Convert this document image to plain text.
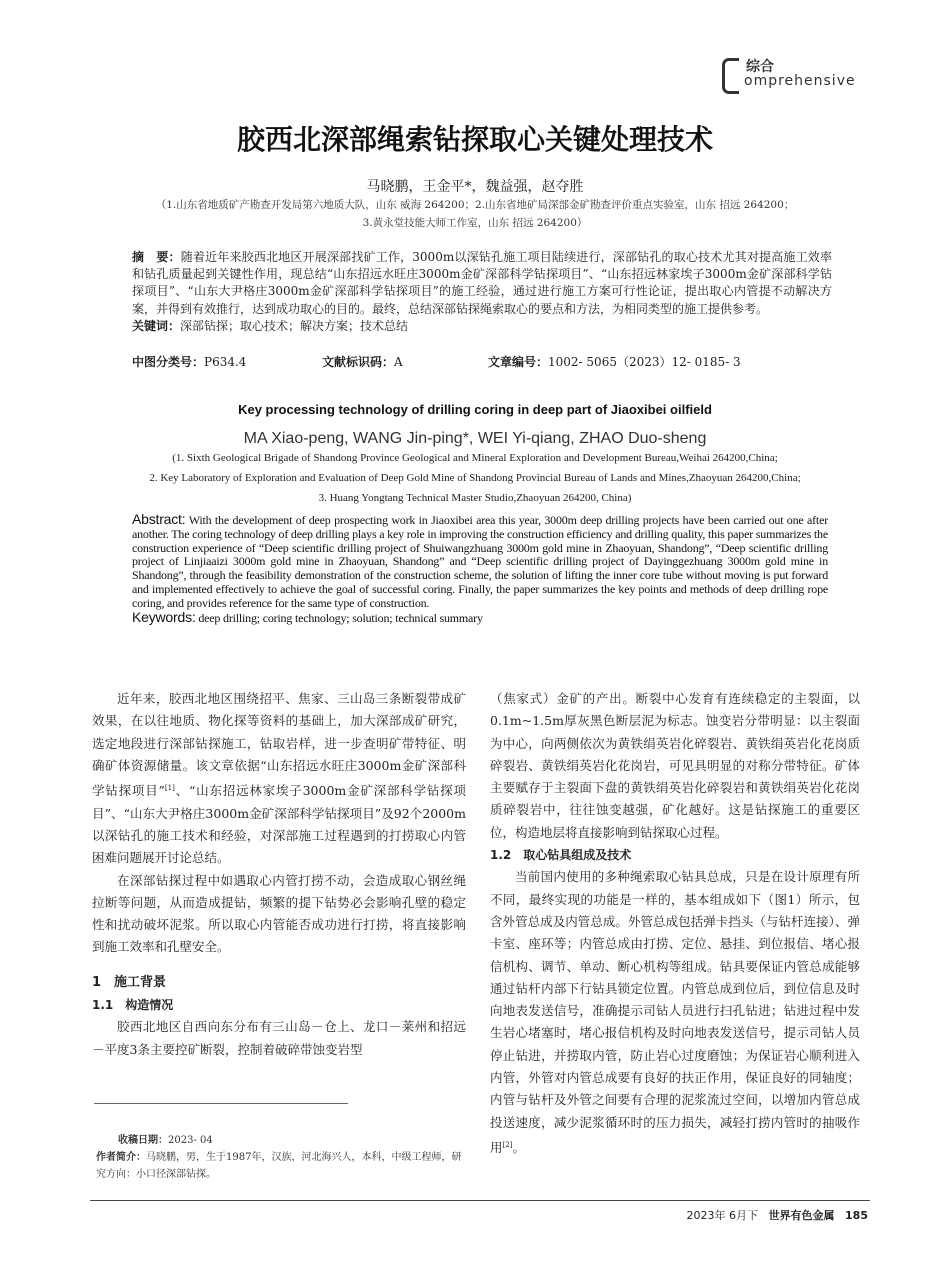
综合
omprehensive
胶西北深部绳索钻探取心关键处理技术
马晓鹏，王金平*，魏益强，赵夺胜
（1.山东省地质矿产勘查开发局第六地质大队，山东 威海 264200；2.山东省地矿局深部金矿勘查评价重点实验室，山东 招远 264200；
3.黄永堂技能大师工作室，山东 招远 264200）
摘　要：随着近年来胶西北地区开展深部找矿工作，3000m以深钻孔施工项目陆续进行，深部钻孔的取心技术尤其对提高施工效率和钻孔质量起到关键性作用，现总结“山东招远水旺庄3000m金矿深部科学钻探项目”、“山东招远林家埃子3000m金矿深部科学钻探项目”、“山东大尹格庄3000m金矿深部科学钻探项目”的施工经验，通过进行施工方案可行性论证，提出取心内管提不动解决方案，并得到有效推行，达到成功取心的目的。最终，总结深部钻探绳索取心的要点和方法，为相同类型的施工提供参考。
关键词：深部钻探；取心技术；解决方案；技术总结
中图分类号：P634.4	文献标识码：A	文章编号：1002- 5065（2023）12- 0185- 3
Key processing technology of drilling coring in deep part of Jiaoxibei oilfield
MA Xiao-peng, WANG Jin-ping*, WEI Yi-qiang, ZHAO Duo-sheng
(1. Sixth Geological Brigade of Shandong Province Geological and Mineral Exploration and Development Bureau,Weihai 264200,China;
2. Key Laboratory of Exploration and Evaluation of Deep Gold Mine of Shandong Provincial Bureau of Lands and Mines,Zhaoyuan 264200,China;
3. Huang Yongtang Technical Master Studio,Zhaoyuan 264200, China)
Abstract: With the development of deep prospecting work in Jiaoxibei area this year, 3000m deep drilling projects have been carried out one after another. The coring technology of deep drilling plays a key role in improving the construction efficiency and drilling quality, this paper summarizes the construction experience of “Deep scientific drilling project of Shuiwangzhuang 3000m gold mine in Zhaoyuan, Shandong”, “Deep scientific drilling project of Linjiaaizi 3000m gold mine in Zhaoyuan, Shandong” and “Deep scientific drilling project of Dayinggezhuang 3000m gold mine in Shandong”, through the feasibility demonstration of the construction scheme, the solution of lifting the inner core tube without moving is put forward and implemented effectively to achieve the goal of successful coring. Finally, the paper summarizes the key points and methods of deep drilling rope coring, and provides reference for the same type of construction.
Keywords: deep drilling; coring technology; solution; technical summary

近年来，胶西北地区围绕招平、焦家、三山岛三条断裂带成矿效果，在以往地质、物化探等资料的基础上，加大深部成矿研究，选定地段进行深部钻探施工，钻取岩样，进一步查明矿带特征、明确矿体资源储量。该文章依据“山东招远水旺庄3000m金矿深部科学钻探项目”[1]、“山东招远林家埃子3000m金矿深部科学钻探项目”、“山东大尹格庄3000m金矿深部科学钻探项目”及92个2000m以深钻孔的施工技术和经验，对深部施工过程遇到的打捞取心内管困难问题展开讨论总结。

在深部钻探过程中如遇取心内管打捞不动，会造成取心钢丝绳拉断等问题，从而造成提钻，频繁的提下钻势必会影响孔壁的稳定性和扰动破坏泥浆。所以取心内管能否成功进行打捞，将直接影响到施工效率和孔壁安全。

1　施工背景

1.1　构造情况

胶西北地区自西向东分布有三山岛－仓上、龙口－莱州和招远－平度3条主要控矿断裂，控制着破碎带蚀变岩型

（焦家式）金矿的产出。断裂中心发育有连续稳定的主裂面，以0.1m~1.5m厚灰黑色断层泥为标志。蚀变岩分带明显：以主裂面为中心，向两侧依次为黄铁绢英岩化碎裂岩、黄铁绢英岩化花岗质碎裂岩、黄铁绢英岩化花岗岩，可见具明显的对称分带特征。矿体主要赋存于主裂面下盘的黄铁绢英岩化碎裂岩和黄铁绢英岩化花岗质碎裂岩中，往往蚀变越强，矿化越好。这是钻探施工的重要区位，构造地层将直接影响到钻探取心过程。

1.2　取心钻具组成及技术

当前国内使用的多种绳索取心钻具总成，只是在设计原理有所不同，最终实现的功能是一样的，基本组成如下（图1）所示，包含外管总成及内管总成。外管总成包括弹卡挡头（与钻杆连接）、弹卡室、座环等；内管总成由打捞、定位、悬挂、到位报信、堵心报信机构、调节、单动、断心机构等组成。钻具要保证内管总成能够通过钻杆内部下行钻具锁定位置。内管总成到位后，到位信息及时向地表发送信号，准确提示司钻人员进行扫孔钻进；钻进过程中发生岩心堵塞时，堵心报信机构及时向地表发送信号，提示司钻人员停止钻进，并捞取内管，防止岩心过度磨蚀；为保证岩心顺利进入内管，外管对内管总成要有良好的扶正作用，保证良好的同轴度；内管与钻杆及外管之间要有合理的泥浆流过空间，以增加内管总成投送速度，减少泥浆循环时的压力损失，减轻打捞内管时的抽吸作用[2]。

收稿日期：2023- 04
作者简介：马晓鹏，男，生于1987年，汉族，河北海兴人，本科，中级工程师，研究方向：小口径深部钻探。
2023年 6月下 世界有色金属 185
